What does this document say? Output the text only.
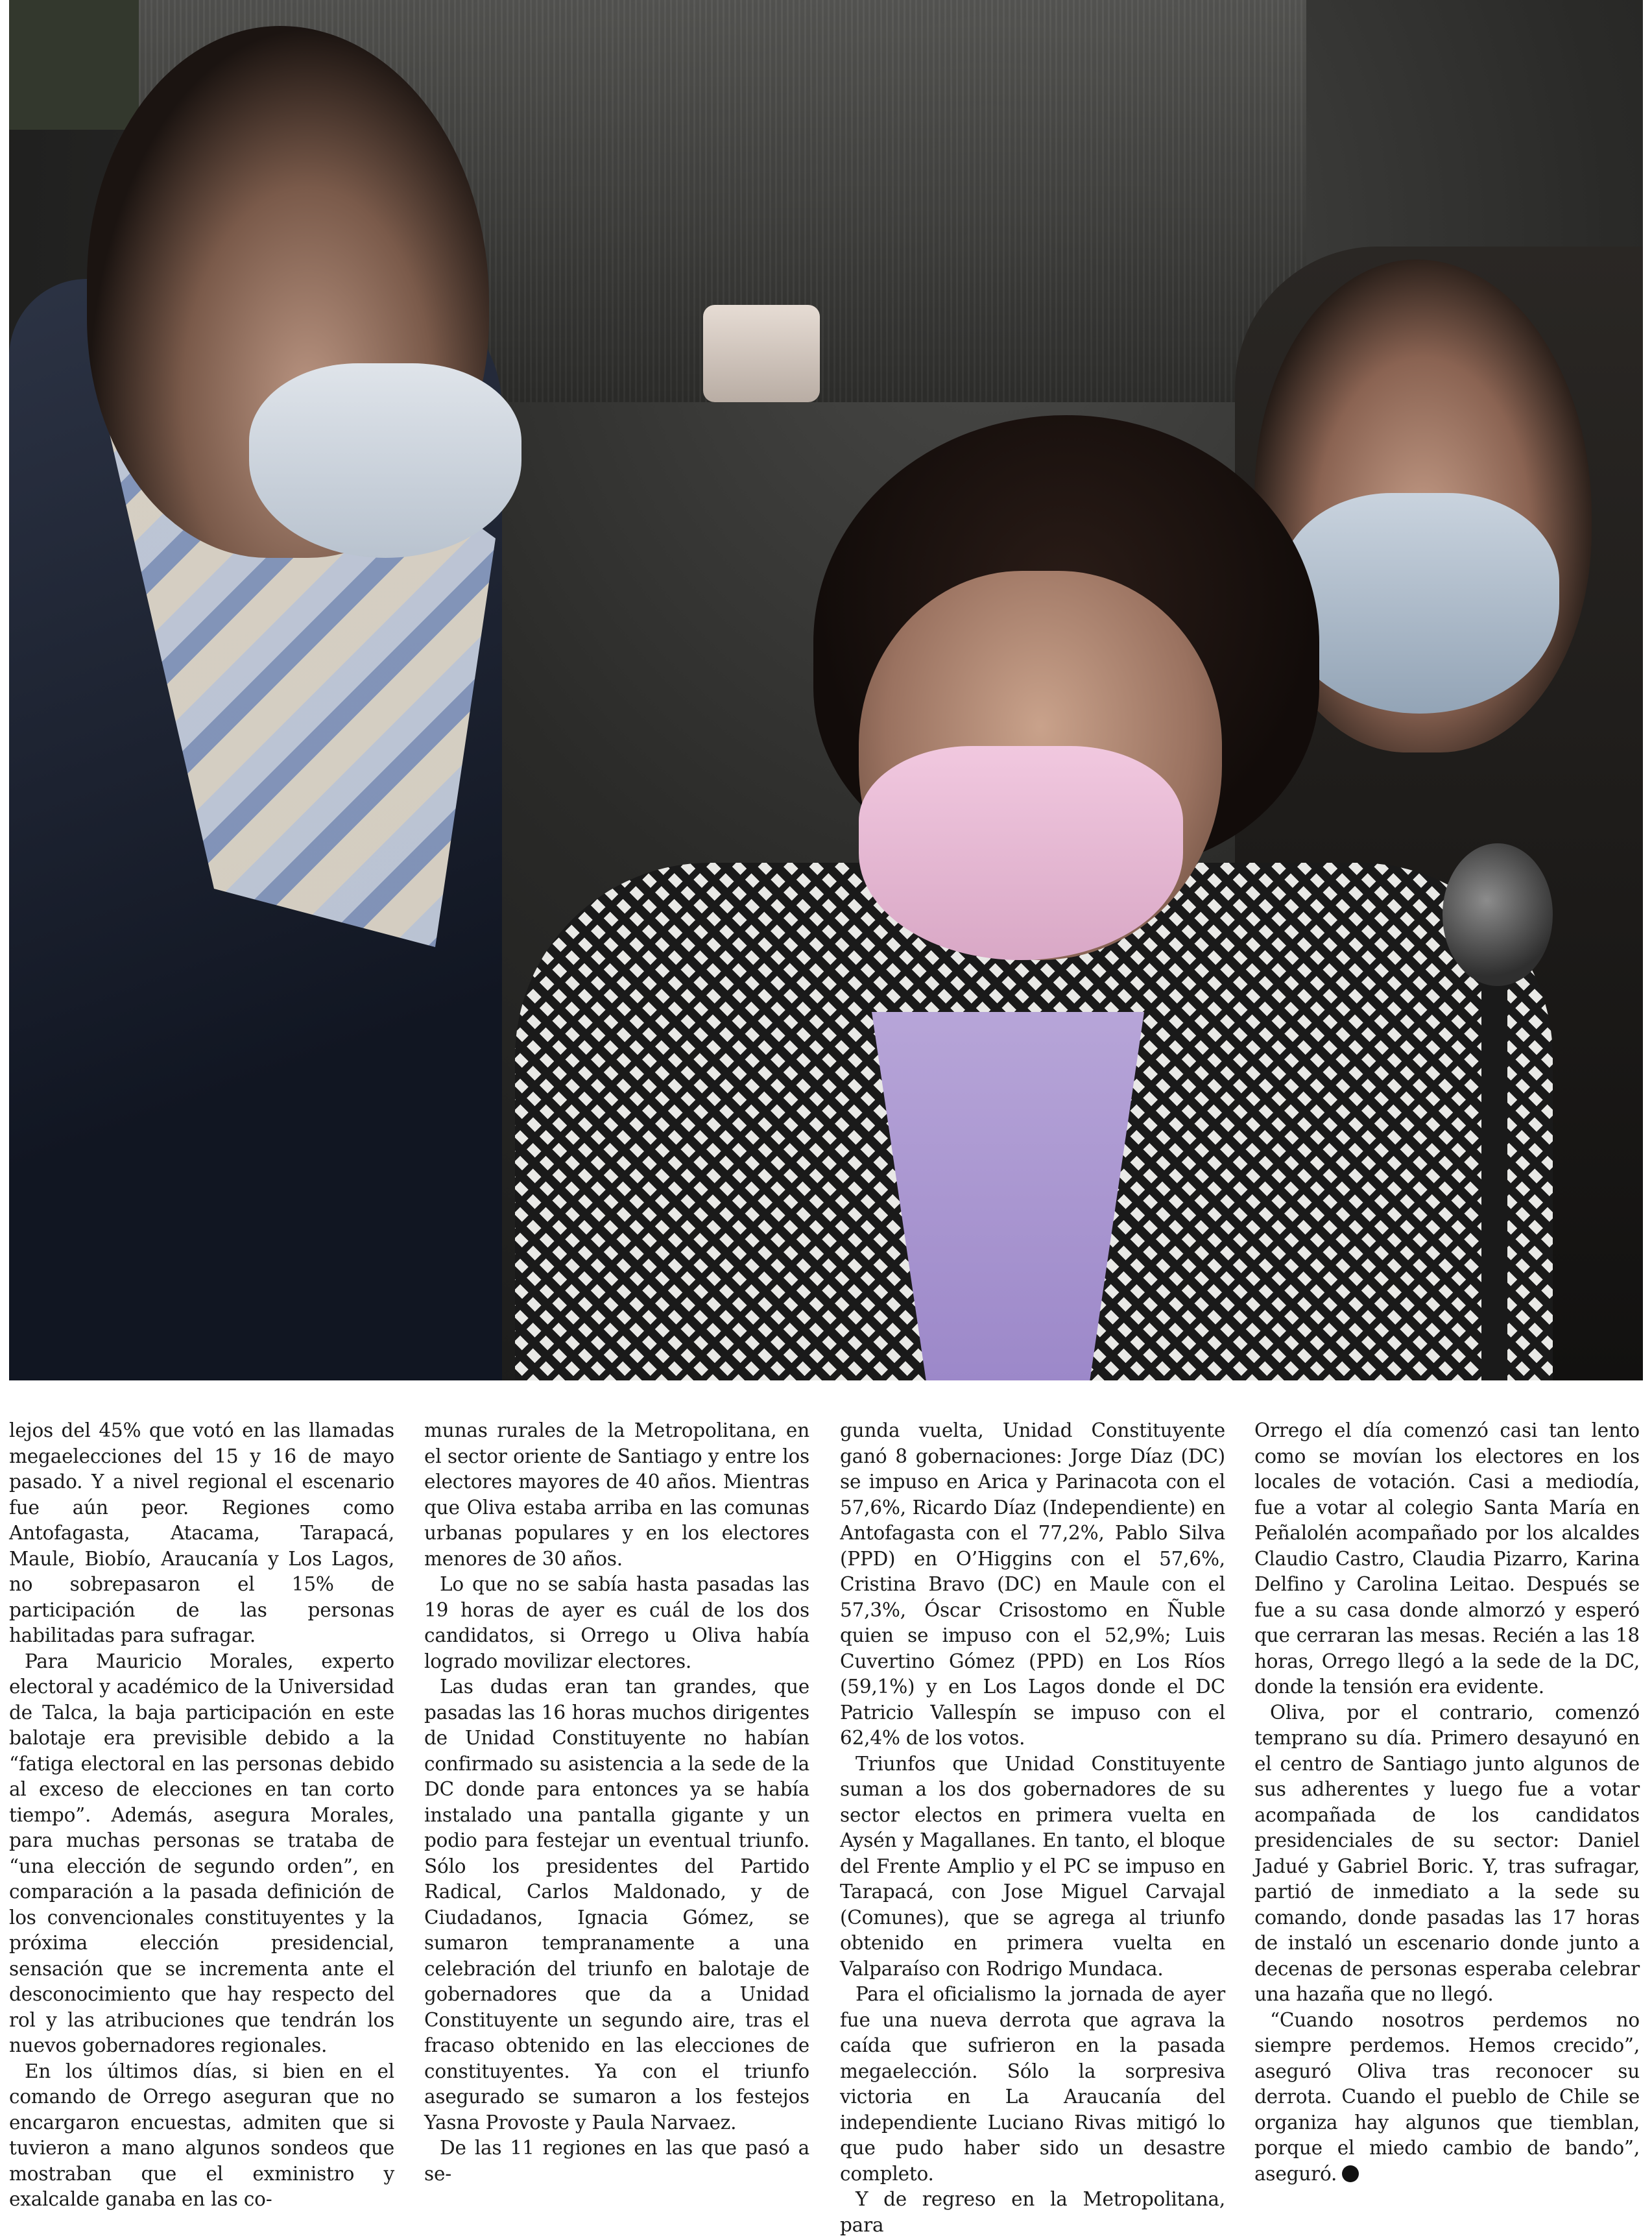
lejos del 45% que votó en las llamadas megaelecciones del 15 y 16 de mayo pasado. Y a nivel regional el escenario fue aún peor. Regiones como Antofagasta, Atacama, Tarapacá, Maule, Biobío, Araucanía y Los Lagos, no sobrepasaron el 15% de participación de las personas habilitadas para sufragar.

Para Mauricio Morales, experto electoral y académico de la Universidad de Talca, la baja participación en este balotaje era previsible debido a la “fatiga electoral en las personas debido al exceso de elecciones en tan corto tiempo”. Además, asegura Morales, para muchas personas se trataba de “una elección de segundo orden”, en comparación a la pasada definición de los convencionales constituyentes y la próxima elección presidencial, sensación que se incrementa ante el desconocimiento que hay respecto del rol y las atribuciones que tendrán los nuevos gobernadores regionales.

En los últimos días, si bien en el comando de Orrego aseguran que no encargaron encuestas, admiten que si tuvieron a mano algunos sondeos que mostraban que el exministro y exalcalde ganaba en las co-

munas rurales de la Metropolitana, en el sector oriente de Santiago y entre los electores mayores de 40 años. Mientras que Oliva estaba arriba en las comunas urbanas populares y en los electores menores de 30 años.

Lo que no se sabía hasta pasadas las 19 horas de ayer es cuál de los dos candidatos, si Orrego u Oliva había logrado movilizar electores.

Las dudas eran tan grandes, que pasadas las 16 horas muchos dirigentes de Unidad Constituyente no habían confirmado su asistencia a la sede de la DC donde para entonces ya se había instalado una pantalla gigante y un podio para festejar un eventual triunfo. Sólo los presidentes del Partido Radical, Carlos Maldonado, y de Ciudadanos, Ignacia Gómez, se sumaron tempranamente a una celebración del triunfo en balotaje de gobernadores que da a Unidad Constituyente un segundo aire, tras el fracaso obtenido en las elecciones de constituyentes. Ya con el triunfo asegurado se sumaron a los festejos Yasna Provoste y Paula Narvaez.

De las 11 regiones en las que pasó a se-

gunda vuelta, Unidad Constituyente ganó 8 gobernaciones: Jorge Díaz (DC) se impuso en Arica y Parinacota con el 57,6%, Ricardo Díaz (Independiente) en Antofagasta con el 77,2%, Pablo Silva (PPD) en O’Higgins con el 57,6%, Cristina Bravo (DC) en Maule con el 57,3%, Óscar Crisostomo en Ñuble quien se impuso con el 52,9%; Luis Cuvertino Gómez (PPD) en Los Ríos (59,1%) y en Los Lagos donde el DC Patricio Vallespín se impuso con el 62,4% de los votos.

Triunfos que Unidad Constituyente suman a los dos gobernadores de su sector electos en primera vuelta en Aysén y Magallanes. En tanto, el bloque del Frente Amplio y el PC se impuso en Tarapacá, con Jose Miguel Carvajal (Comunes), que se agrega al triunfo obtenido en primera vuelta en Valparaíso con Rodrigo Mundaca.

Para el oficialismo la jornada de ayer fue una nueva derrota que agrava la caída que sufrieron en la pasada megaelección. Sólo la sorpresiva victoria en La Araucanía del independiente Luciano Rivas mitigó lo que pudo haber sido un desastre completo.

Y de regreso en la Metropolitana, para

Orrego el día comenzó casi tan lento como se movían los electores en los locales de votación. Casi a mediodía, fue a votar al colegio Santa María en Peñalolén acompañado por los alcaldes Claudio Castro, Claudia Pizarro, Karina Delfino y Carolina Leitao. Después se fue a su casa donde almorzó y esperó que cerraran las mesas. Recién a las 18 horas, Orrego llegó a la sede de la DC, donde la tensión era evidente.

Oliva, por el contrario, comenzó temprano su día. Primero desayunó en el centro de Santiago junto algunos de sus adherentes y luego fue a votar acompañada de los candidatos presidenciales de su sector: Daniel Jadué y Gabriel Boric. Y, tras sufragar, partió de inmediato a la sede su comando, donde pasadas las 17 horas de instaló un escenario donde junto a decenas de personas esperaba celebrar una hazaña que no llegó.

“Cuando nosotros perdemos no siempre perdemos. Hemos crecido”, aseguró Oliva tras reconocer su derrota. Cuando el pueblo de Chile se organiza hay algunos que tiemblan, porque el miedo cambio de bando”, aseguró.
